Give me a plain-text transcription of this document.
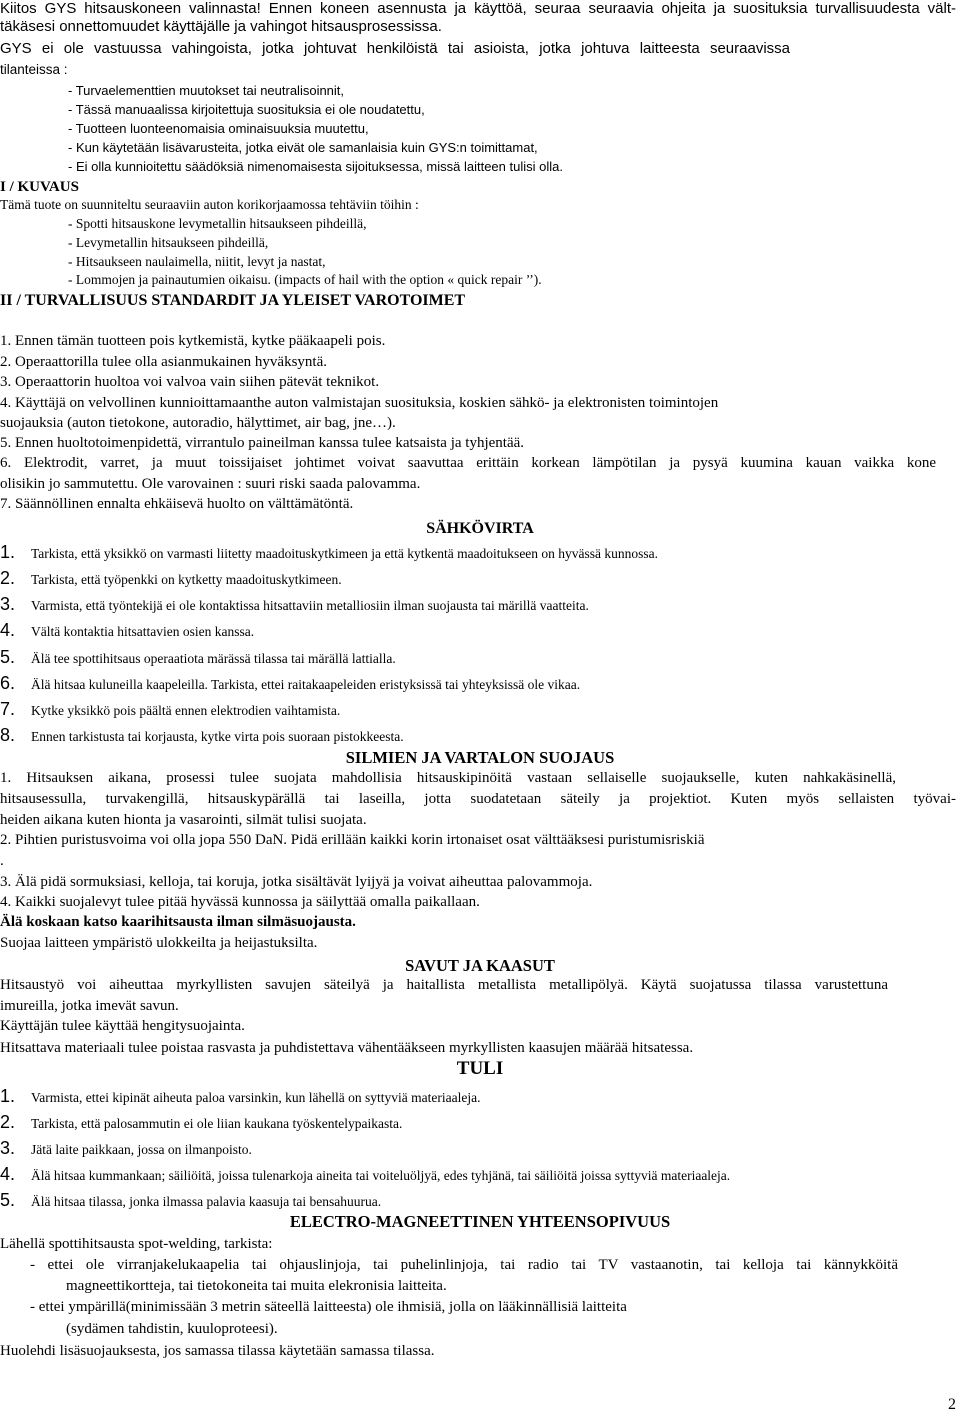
Kiitos GYS hitsauskoneen valinnasta! Ennen koneen asennusta ja käyttöä, seuraa seuraavia ohjeita ja suosituksia turvallisuudesta vält-
täkäsesi onnettomuudet käyttäjälle ja vahingot hitsausprosessissa.
GYS ei ole vastuussa vahingoista, jotka johtuvat henkilöistä tai asioista, jotka johtuva laitteesta seuraavissa
tilanteissa :
- Turvaelementtien muutokset tai neutralisoinnit,
- Tässä manuaalissa kirjoitettuja suosituksia ei ole noudatettu,
- Tuotteen luonteenomaisia ominaisuuksia muutettu,
- Kun käytetään lisävarusteita, jotka eivät ole samanlaisia kuin GYS:n toimittamat,
- Ei olla kunnioitettu säädöksiä nimenomaisesta sijoituksessa, missä laitteen tulisi olla.
I / KUVAUS
Tämä tuote on suunniteltu seuraaviin auton korikorjaamossa tehtäviin töihin :
- Spotti hitsauskone levymetallin hitsaukseen pihdeillä,
- Levymetallin hitsaukseen pihdeillä,
- Hitsaukseen naulaimella, niitit, levyt ja nastat,
- Lommojen ja painautumien oikaisu. (impacts of hail with the option « quick repair ’’).
II / TURVALLISUUS STANDARDIT JA YLEISET VAROTOIMET
1. Ennen tämän tuotteen pois kytkemistä, kytke pääkaapeli pois.
2. Operaattorilla tulee olla asianmukainen hyväksyntä.
3. Operaattorin huoltoa voi valvoa vain siihen pätevät teknikot.
4. Käyttäjä on velvollinen kunnioittamaanthe auton valmistajan suosituksia, koskien sähkö- ja elektronisten toimintojen
suojauksia (auton tietokone, autoradio, hälyttimet, air bag, jne…).
5. Ennen huoltotoimenpidettä, virrantulo paineilman kanssa tulee katsaista ja tyhjentää.
6. Elektrodit, varret, ja muut toissijaiset johtimet voivat saavuttaa erittäin korkean lämpötilan ja pysyä kuumina kauan vaikka kone
olisikin jo sammutettu. Ole varovainen : suuri riski saada palovamma.
7. Säännöllinen ennalta ehkäisevä huolto on välttämätöntä.
SÄHKÖVIRTA
1. Tarkista, että yksikkö on varmasti liitetty maadoituskytkimeen ja että kytkentä maadoitukseen on hyvässä kunnossa.
2. Tarkista, että työpenkki on kytketty maadoituskytkimeen.
3. Varmista, että työntekijä ei ole kontaktissa hitsattaviin metalliosiin ilman suojausta tai märillä vaatteita.
4. Vältä kontaktia hitsattavien osien kanssa.
5. Älä tee spottihitsaus operaatiota märässä tilassa tai märällä lattialla.
6. Älä hitsaa kuluneilla kaapeleilla. Tarkista, ettei raitakaapeleiden eristyksissä tai yhteyksissä ole vikaa.
7. Kytke yksikkö pois päältä ennen elektrodien vaihtamista.
8. Ennen tarkistusta tai korjausta, kytke virta pois suoraan pistokkeesta.
SILMIEN JA VARTALON SUOJAUS
1. Hitsauksen aikana, prosessi tulee suojata mahdollisia hitsauskipinöitä vastaan sellaiselle suojaukselle, kuten nahkakäsinellä,
hitsausessulla, turvakengillä, hitsauskypärällä tai laseilla, jotta suodatetaan säteily ja projektiot. Kuten myös sellaisten työvai-
heiden aikana kuten hionta ja vasarointi, silmät tulisi suojata.
2. Pihtien puristusvoima voi olla jopa 550 DaN. Pidä erillään kaikki korin irtonaiset osat välttääksesi puristumisriskiä
.
3. Älä pidä sormuksiasi, kelloja, tai koruja, jotka sisältävät lyijyä ja voivat aiheuttaa palovammoja.
4. Kaikki suojalevyt tulee pitää hyvässä kunnossa ja säilyttää omalla paikallaan.
Älä koskaan katso kaarihitsausta ilman silmäsuojausta.
Suojaa laitteen ympäristö ulokkeilta ja heijastuksilta.
SAVUT JA KAASUT
Hitsaustyö voi aiheuttaa myrkyllisten savujen säteilyä ja haitallista metallista metallipölyä. Käytä suojatussa tilassa varustettuna
imureilla, jotka imevät savun.
Käyttäjän tulee käyttää hengitysuojainta.
Hitsattava materiaali tulee poistaa rasvasta ja puhdistettava vähentääkseen myrkyllisten kaasujen määrää hitsatessa.
TULI
1. Varmista, ettei kipinät aiheuta paloa varsinkin, kun lähellä on syttyviä materiaaleja.
2. Tarkista, että palosammutin ei ole liian kaukana työskentelypaikasta.
3. Jätä laite paikkaan, jossa on ilmanpoisto.
4. Älä hitsaa kummankaan; säiliöitä, joissa tulenarkoja aineita tai voiteluöljyä, edes tyhjänä, tai säiliöitä joissa syttyviä materiaaleja.
5. Älä hitsaa tilassa, jonka ilmassa palavia kaasuja tai bensahuurua.
ELECTRO-MAGNEETTINEN YHTEENSOPIVUUS
Lähellä spottihitsausta spot-welding, tarkista:
- ettei ole virranjakelukaapelia tai ohjauslinjoja, tai puhelinlinjoja, tai radio tai TV vastaanotin, tai kelloja tai kännykköitä
magneettikortteja, tai tietokoneita tai muita elekronisia laitteita.
- ettei ympärillä(minimissään 3 metrin säteellä laitteesta) ole ihmisiä, jolla on lääkinnällisiä laitteita
(sydämen tahdistin, kuuloproteesi).
Huolehdi lisäsuojauksesta, jos samassa tilassa käytetään samassa tilassa.
2
